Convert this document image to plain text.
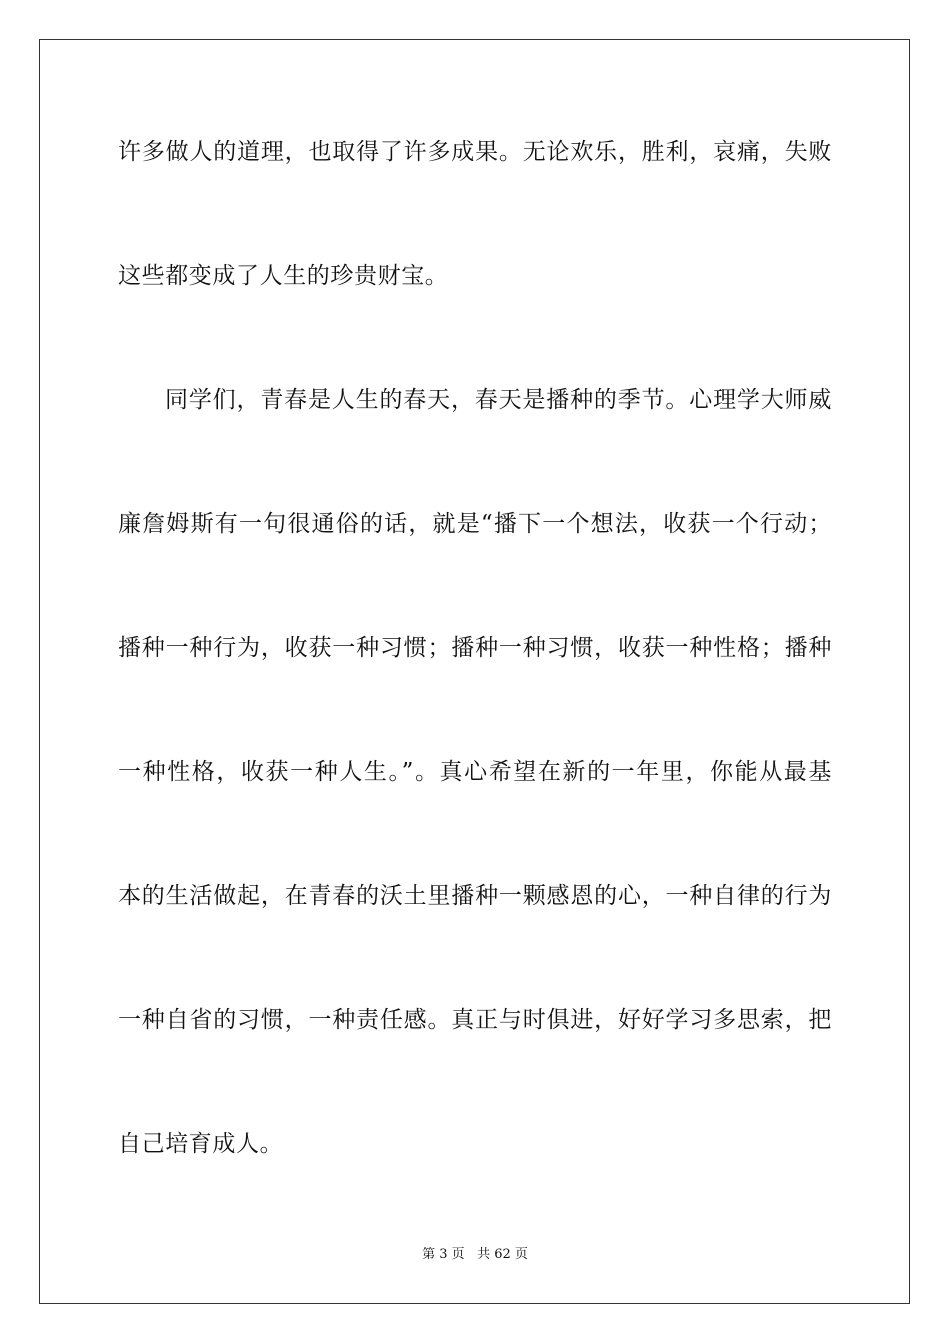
许多做人的道理，也取得了许多成果。无论欢乐，胜利，哀痛，失败
这些都变成了人生的珍贵财宝。
同学们，青春是人生的春天，春天是播种的季节。心理学大师威
廉詹姆斯有一句很通俗的话，就是“播下一个想法，收获一个行动；
播种一种行为，收获一种习惯；播种一种习惯，收获一种性格；播种
一种性格，收获一种人生。”。真心希望在新的一年里，你能从最基
本的生活做起，在青春的沃土里播种一颗感恩的心，一种自律的行为
一种自省的习惯，一种责任感。真正与时俱进，好好学习多思索，把
自己培育成人。
第 3 页 共 62 页
